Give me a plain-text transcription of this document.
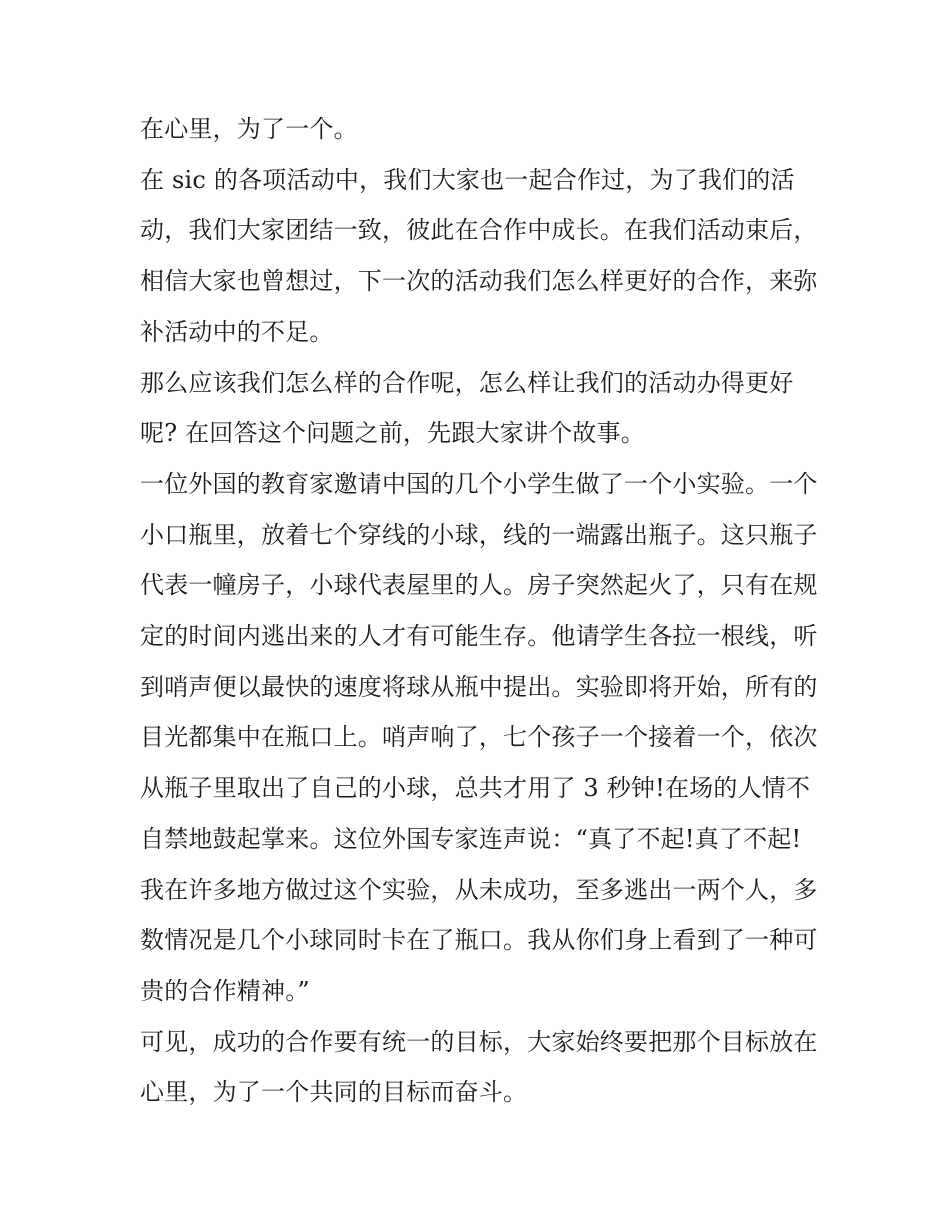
在心里，为了一个。

在 sic 的各项活动中，我们大家也一起合作过，为了我们的活动，我们大家团结一致，彼此在合作中成长。在我们活动束后，相信大家也曾想过，下一次的活动我们怎么样更好的合作，来弥补活动中的不足。

那么应该我们怎么样的合作呢，怎么样让我们的活动办得更好呢? 在回答这个问题之前，先跟大家讲个故事。

一位外国的教育家邀请中国的几个小学生做了一个小实验。一个小口瓶里，放着七个穿线的小球，线的一端露出瓶子。这只瓶子代表一幢房子，小球代表屋里的人。房子突然起火了，只有在规定的时间内逃出来的人才有可能生存。他请学生各拉一根线，听到哨声便以最快的速度将球从瓶中提出。实验即将开始，所有的目光都集中在瓶口上。哨声响了，七个孩子一个接着一个，依次从瓶子里取出了自己的小球，总共才用了 3 秒钟!在场的人情不自禁地鼓起掌来。这位外国专家连声说：“真了不起!真了不起!我在许多地方做过这个实验，从未成功，至多逃出一两个人，多数情况是几个小球同时卡在了瓶口。我从你们身上看到了一种可贵的合作精神。”

可见，成功的合作要有统一的目标，大家始终要把那个目标放在心里，为了一个共同的目标而奋斗。
